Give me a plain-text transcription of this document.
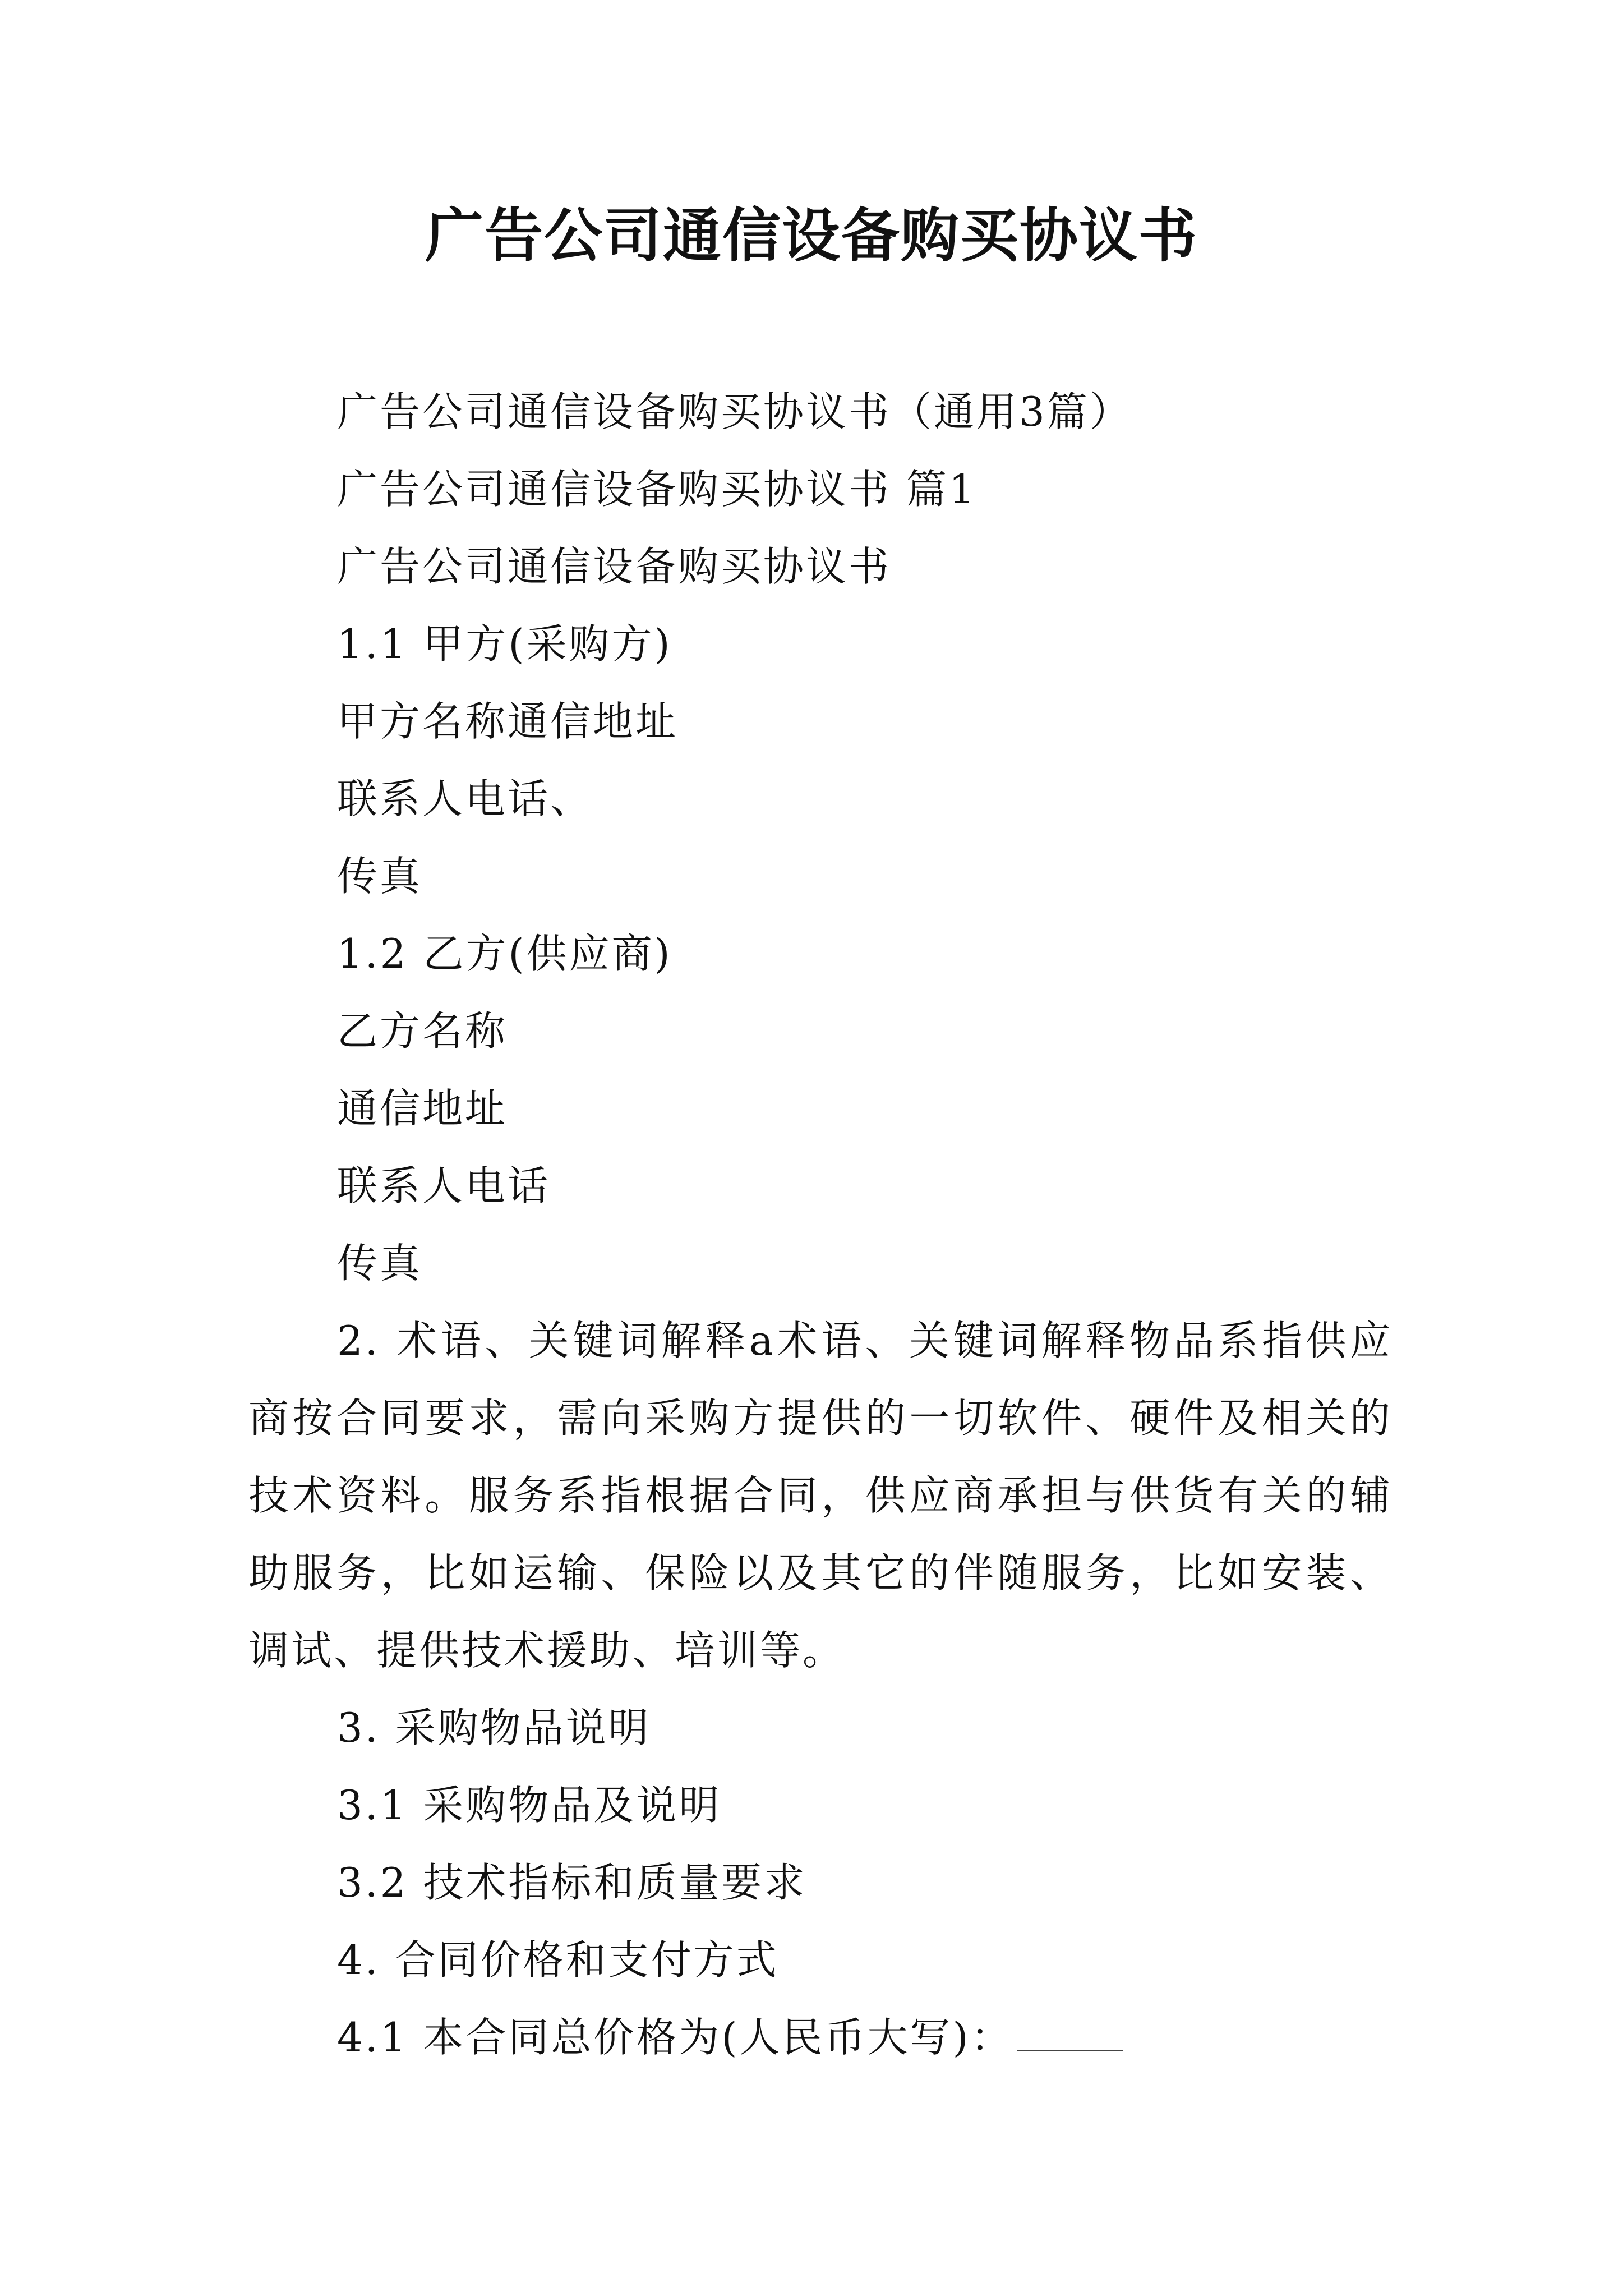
广告公司通信设备购买协议书
广告公司通信设备购买协议书（通用3篇）
广告公司通信设备购买协议书 篇1
广告公司通信设备购买协议书
1.1 甲方(采购方)
甲方名称通信地址
联系人电话、
传真
1.2 乙方(供应商)
乙方名称
通信地址
联系人电话
传真
2. 术语、关键词解释a术语、关键词解释物品系指供应商按合同要求，需向采购方提供的一切软件、硬件及相关的技术资料。服务系指根据合同，供应商承担与供货有关的辅助服务，比如运输、保险以及其它的伴随服务，比如安装、调试、提供技术援助、培训等。
3. 采购物品说明
3.1 采购物品及说明
3.2 技术指标和质量要求
4. 合同价格和支付方式
4.1 本合同总价格为(人民币大写)：
